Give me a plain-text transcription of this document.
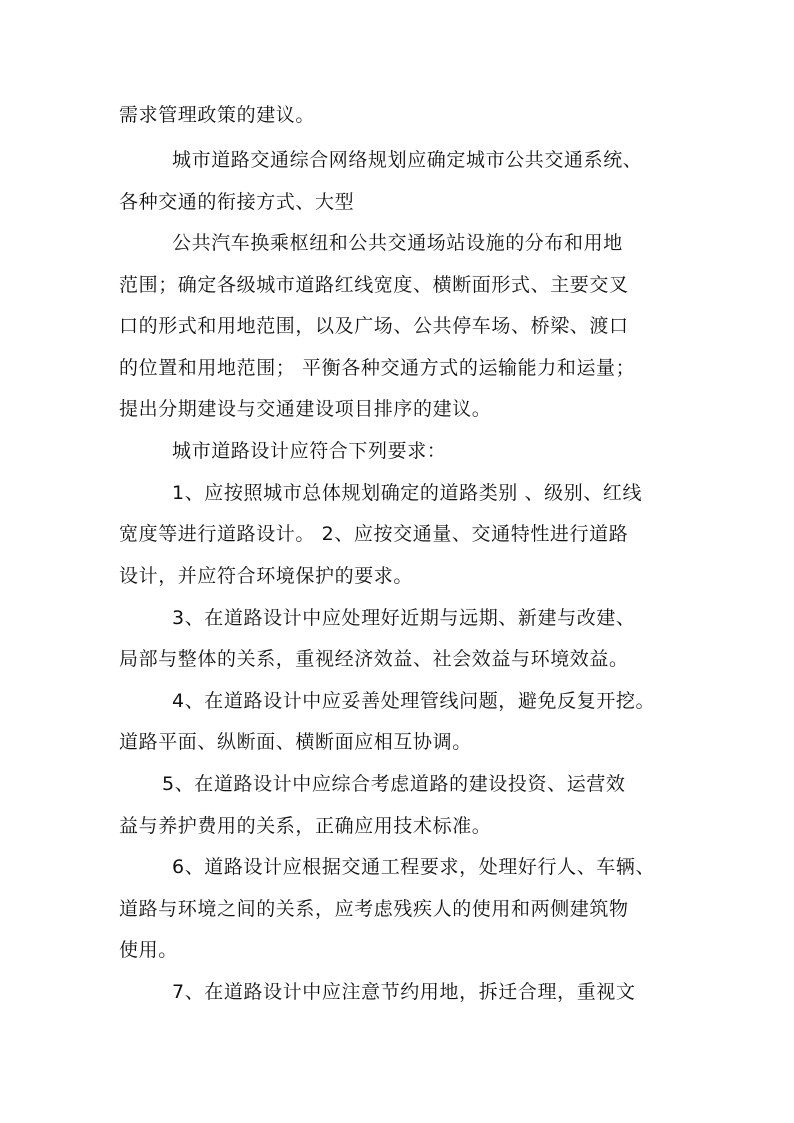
需求管理政策的建议。
城市道路交通综合网络规划应确定城市公共交通系统、
各种交通的衔接方式、大型
公共汽车换乘枢纽和公共交通场站设施的分布和用地
范围；确定各级城市道路红线宽度、横断面形式、主要交叉
口的形式和用地范围，以及广场、公共停车场、桥梁、渡口
的位置和用地范围； 平衡各种交通方式的运输能力和运量；
提出分期建设与交通建设项目排序的建议。
城市道路设计应符合下列要求：
1、应按照城市总体规划确定的道路类别 、级别、红线
宽度等进行道路设计。 2、应按交通量、交通特性进行道路
设计，并应符合环境保护的要求。
3、在道路设计中应处理好近期与远期、新建与改建、
局部与整体的关系，重视经济效益、社会效益与环境效益。
4、在道路设计中应妥善处理管线问题，避免反复开挖。
道路平面、纵断面、横断面应相互协调。
5、在道路设计中应综合考虑道路的建设投资、运营效
益与养护费用的关系，正确应用技术标准。
6、道路设计应根据交通工程要求，处理好行人、车辆、
道路与环境之间的关系，应考虑残疾人的使用和两侧建筑物
使用。
7、在道路设计中应注意节约用地，拆迁合理，重视文
